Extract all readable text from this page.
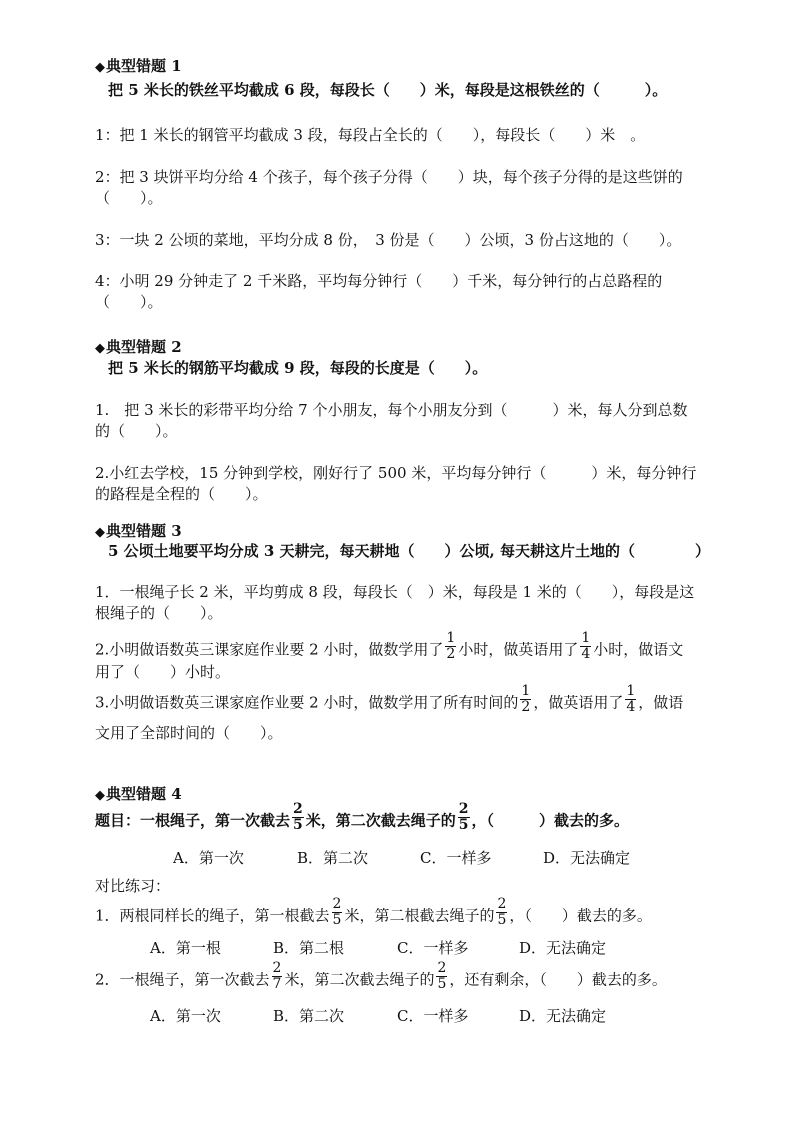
◆典型错题 1
把 5 米长的铁丝平均截成 6 段，每段长（　　）米，每段是这根铁丝的（　　　）。
1：把 1 米长的钢管平均截成 3 段，每段占全长的（　　），每段长（　　）米　。
2：把 3 块饼平均分给 4 个孩子，每个孩子分得（　　）块，每个孩子分得的是这些饼的
（　　）。
3：一块 2 公顷的菜地，平均分成 8 份，　3 份是（　　）公顷，3 份占这地的（　　）。
4：小明 29 分钟走了 2 千米路，平均每分钟行（　　）千米，每分钟行的占总路程的
（　　）。
◆典型错题 2
把 5 米长的钢筋平均截成 9 段，每段的长度是（　　）。
1.　把 3 米长的彩带平均分给 7 个小朋友，每个小朋友分到（　　　）米，每人分到总数
的（　　）。
2.小红去学校，15 分钟到学校，刚好行了 500 米，平均每分钟行（　　　）米，每分钟行
的路程是全程的（　　）。
◆典型错题 3
5 公顷土地要平均分成 3 天耕完，每天耕地（　　）公顷, 每天耕这片土地的（　　　　）
1．一根绳子长 2 米，平均剪成 8 段，每段长（　）米，每段是 1 米的（　　），每段是这
根绳子的（　　）。
2.小明做语数英三课家庭作业要 2 小时，做数学用了 $\frac{1}{2}$ 小时，做英语用了 $\frac{1}{4}$ 小时，做语文
用了（　　）小时。
3.小明做语数英三课家庭作业要 2 小时，做数学用了所有时间的 $\frac{1}{2}$ ，做英语用了 $\frac{1}{4}$ ，做语
文用了全部时间的（　　）。
◆典型错题 4
题目：一根绳子，第一次截去 $\frac{2}{5}$ 米，第二次截去绳子的 $\frac{2}{5}$ ，（　　　）截去的多。
A．第一次	B．第二次	C．一样多	D．无法确定
对比练习：
1．两根同样长的绳子，第一根截去 $\frac{2}{5}$ 米，第二根截去绳子的 $\frac{2}{5}$ ，（　　）截去的多。
A．第一根	B．第二根	C．一样多	D．无法确定
2．一根绳子，第一次截去 $\frac{2}{7}$ 米，第二次截去绳子的 $\frac{2}{5}$ ，还有剩余，（　　）截去的多。
A．第一次	B．第二次	C．一样多	D．无法确定
